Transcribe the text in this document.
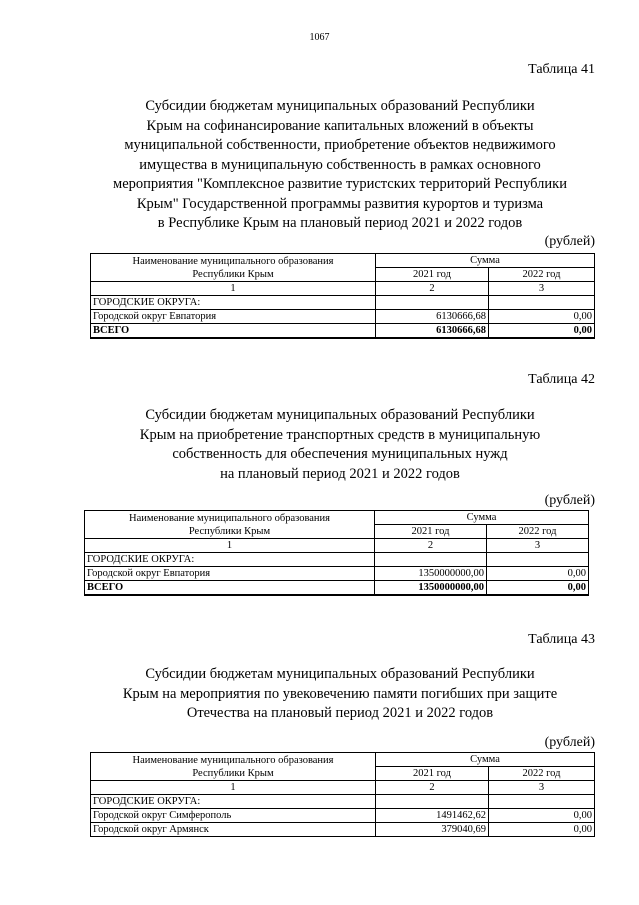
1067
Таблица 41
Субсидии бюджетам муниципальных образований Республики
Крым на софинансирование капитальных вложений в объекты
муниципальной собственности, приобретение объектов недвижимого
имущества в муниципальную собственность в рамках основного
мероприятия "Комплексное развитие туристских территорий Республики
Крым" Государственной программы развития курортов и туризма
в Республике Крым на плановый период 2021 и 2022 годов
(рублей)
Наименование муниципального образования
Республики Крым	Сумма	
	2021 год	2022 год
1	2	3
ГОРОДСКИЕ ОКРУГА:		
Городской округ Евпатория	6130666,68	0,00
ВСЕГО	6130666,68	0,00
Таблица 42
Субсидии бюджетам муниципальных образований Республики
Крым на приобретение транспортных средств в муниципальную
собственность для обеспечения муниципальных нужд
на плановый период 2021 и 2022 годов
(рублей)
Наименование муниципального образования
Республики Крым	Сумма	
	2021 год	2022 год
1	2	3
ГОРОДСКИЕ ОКРУГА:		
Городской округ Евпатория	1350000000,00	0,00
ВСЕГО	1350000000,00	0,00
Таблица 43
Субсидии бюджетам муниципальных образований Республики
Крым на мероприятия по увековечению памяти погибших при защите
Отечества на плановый период 2021 и 2022 годов
(рублей)
Наименование муниципального образования
Республики Крым	Сумма	
	2021 год	2022 год
1	2	3
ГОРОДСКИЕ ОКРУГА:		
Городской округ Симферополь	1491462,62	0,00
Городской округ Армянск	379040,69	0,00
